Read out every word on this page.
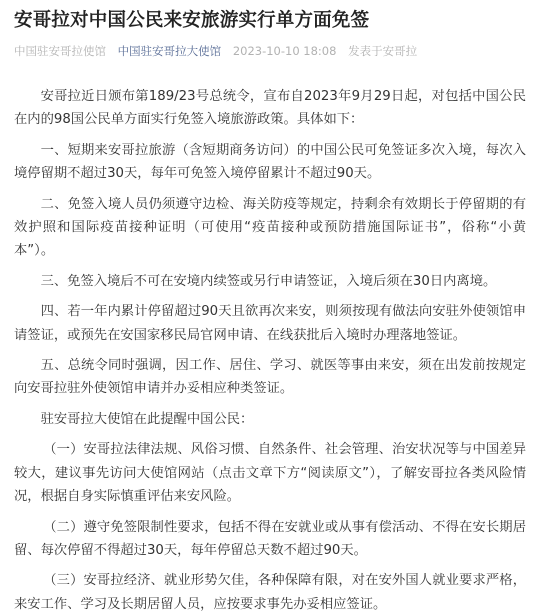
安哥拉对中国公民来安旅游实行单方面免签
中国驻安哥拉使馆 中国驻安哥拉大使馆 2023-10-10 18:08 发表于安哥拉

安哥拉近日颁布第189/23号总统令，宣布自2023年9月29日起，对包括中国公民在内的98国公民单方面实行免签入境旅游政策。具体如下：

一、短期来安哥拉旅游（含短期商务访问）的中国公民可免签证多次入境，每次入境停留期不超过30天，每年可免签入境停留累计不超过90天。

二、免签入境人员仍须遵守边检、海关防疫等规定，持剩余有效期长于停留期的有效护照和国际疫苗接种证明（可使用“疫苗接种或预防措施国际证书”，俗称“小黄本”）。

三、免签入境后不可在安境内续签或另行申请签证，入境后须在30日内离境。

四、若一年内累计停留超过90天且欲再次来安，则须按现有做法向安驻外使领馆申请签证，或预先在安国家移民局官网申请、在线获批后入境时办理落地签证。

五、总统令同时强调，因工作、居住、学习、就医等事由来安，须在出发前按规定向安哥拉驻外使领馆申请并办妥相应种类签证。

驻安哥拉大使馆在此提醒中国公民：

（一）安哥拉法律法规、风俗习惯、自然条件、社会管理、治安状况等与中国差异较大，建议事先访问大使馆网站（点击文章下方“阅读原文”），了解安哥拉各类风险情况，根据自身实际慎重评估来安风险。

（二）遵守免签限制性要求，包括不得在安就业或从事有偿活动、不得在安长期居留、每次停留不得超过30天，每年停留总天数不超过90天。

（三）安哥拉经济、就业形势欠佳，各种保障有限，对在安外国人就业要求严格，来安工作、学习及长期居留人员，应按要求事先办妥相应签证。
